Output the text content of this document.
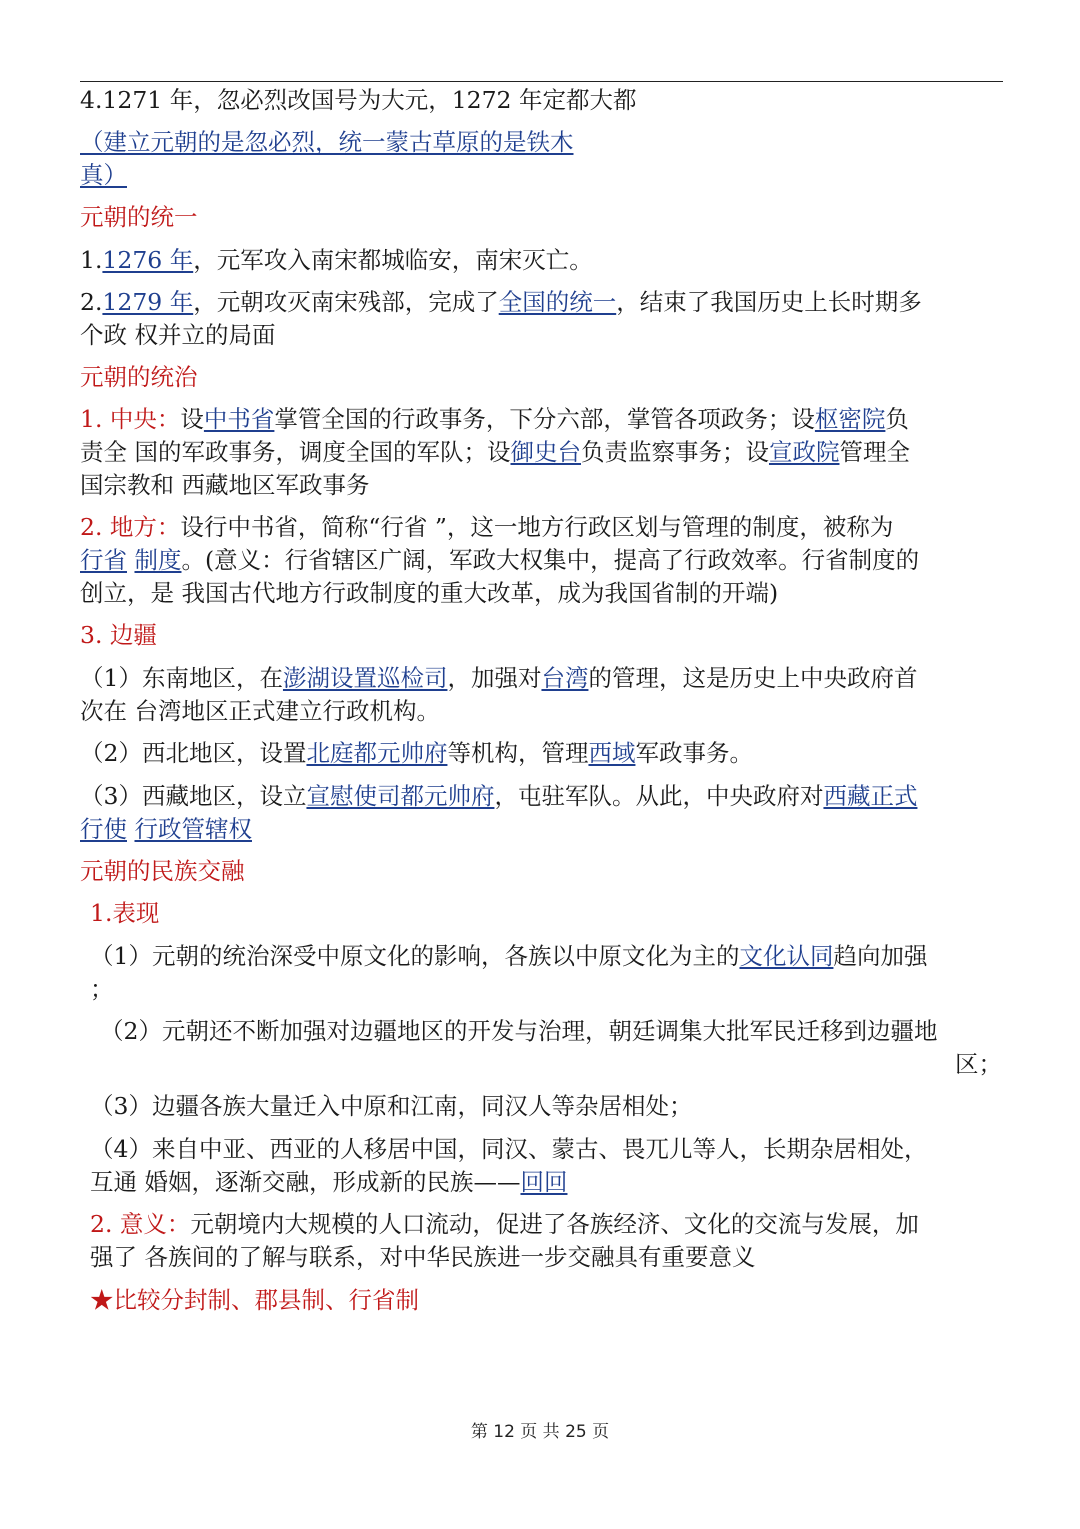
4.1271 年，忽必烈改国号为大元，1272 年定都大都
（建立元朝的是忽必烈，统一蒙古草原的是铁木
真）
元朝的统一
1.1276 年，元军攻入南宋都城临安，南宋灭亡。
2.1279 年，元朝攻灭南宋残部，完成了全国的统一，结束了我国历史上长时期多
个政 权并立的局面
元朝的统治
1. 中央：设中书省掌管全国的行政事务，下分六部，掌管各项政务；设枢密院负
责全 国的军政事务，调度全国的军队；设御史台负责监察事务；设宣政院管理全
国宗教和 西藏地区军政事务
2. 地方：设行中书省，简称“行省 ”，这一地方行政区划与管理的制度，被称为
行省 制度。(意义：行省辖区广阔，军政大权集中，提高了行政效率。行省制度的
创立，是 我国古代地方行政制度的重大改革，成为我国省制的开端)
3. 边疆
（1）东南地区，在澎湖设置巡检司，加强对台湾的管理，这是历史上中央政府首
次在 台湾地区正式建立行政机构。
（2）西北地区，设置北庭都元帅府等机构，管理西域军政事务。
（3）西藏地区，设立宣慰使司都元帅府，屯驻军队。从此，中央政府对西藏正式
行使 行政管辖权
元朝的民族交融
1.表现
（1）元朝的统治深受中原文化的影响，各族以中原文化为主的文化认同趋向加强
；
（2）元朝还不断加强对边疆地区的开发与治理，朝廷调集大批军民迁移到边疆地
区；
（3）边疆各族大量迁入中原和江南，同汉人等杂居相处；
（4）来自中亚、西亚的人移居中国，同汉、蒙古、畏兀儿等人，长期杂居相处，
互通 婚姻，逐渐交融，形成新的民族——回回
2. 意义：元朝境内大规模的人口流动，促进了各族经济、文化的交流与发展，加
强了 各族间的了解与联系，对中华民族进一步交融具有重要意义
★比较分封制、郡县制、行省制
第 12 页 共 25 页
